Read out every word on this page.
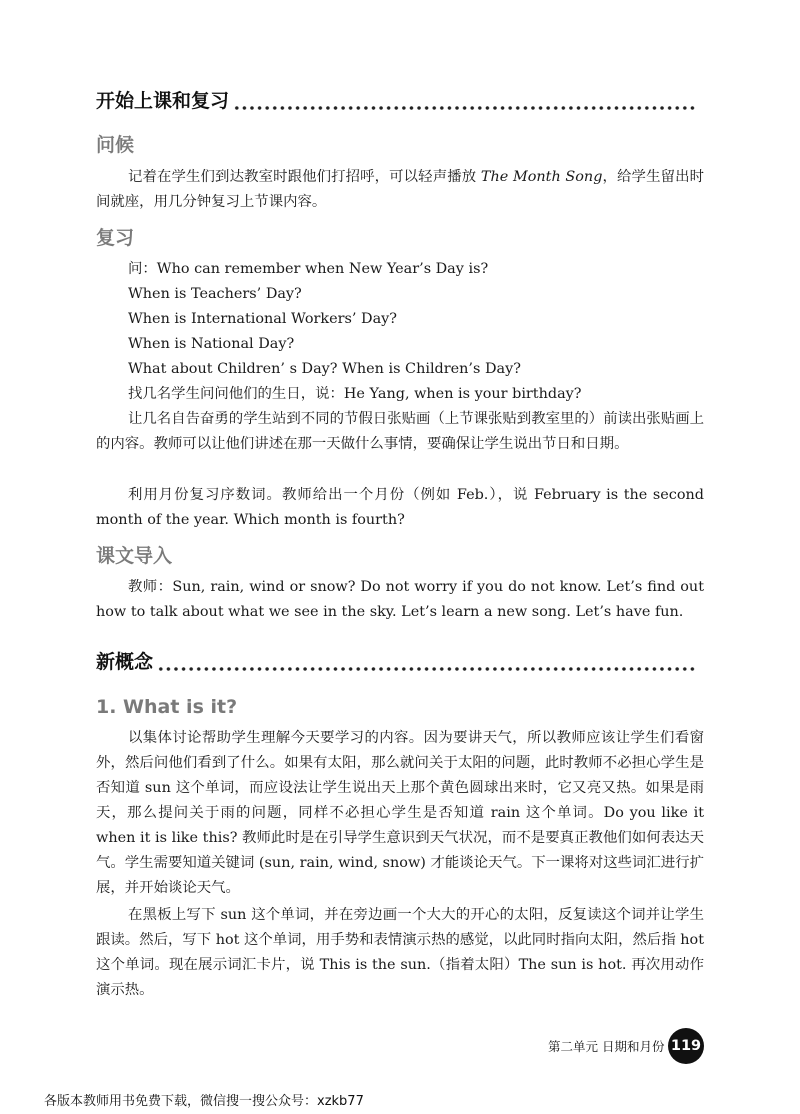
开始上课和复习
问候

记着在学生们到达教室时跟他们打招呼，可以轻声播放 The Month Song，给学生留出时间就座，用几分钟复习上节课内容。

复习
问：Who can remember when New Year’s Day is?
When is Teachers’ Day?
When is International Workers’ Day?
When is National Day?
What about Children’ s Day? When is Children’s Day?
找几名学生问问他们的生日，说：He Yang, when is your birthday?

让几名自告奋勇的学生站到不同的节假日张贴画（上节课张贴到教室里的）前读出张贴画上的内容。教师可以让他们讲述在那一天做什么事情，要确保让学生说出节日和日期。

利用月份复习序数词。教师给出一个月份（例如 Feb.），说 February is the second month of the year. Which month is fourth?

课文导入

教师：Sun, rain, wind or snow? Do not worry if you do not know. Let’s find out how to talk about what we see in the sky. Let’s learn a new song. Let’s have fun.

新概念
1. What is it?

以集体讨论帮助学生理解今天要学习的内容。因为要讲天气，所以教师应该让学生们看窗外，然后问他们看到了什么。如果有太阳，那么就问关于太阳的问题，此时教师不必担心学生是否知道 sun 这个单词，而应设法让学生说出天上那个黄色圆球出来时，它又亮又热。如果是雨天，那么提问关于雨的问题，同样不必担心学生是否知道 rain 这个单词。Do you like it when it is like this? 教师此时是在引导学生意识到天气状况，而不是要真正教他们如何表达天气。学生需要知道关键词 (sun, rain, wind, snow) 才能谈论天气。下一课将对这些词汇进行扩展，并开始谈论天气。

在黑板上写下 sun 这个单词，并在旁边画一个大大的开心的太阳，反复读这个词并让学生跟读。然后，写下 hot 这个单词，用手势和表情演示热的感觉，以此同时指向太阳，然后指 hot 这个单词。现在展示词汇卡片，说 This is the sun.（指着太阳）The sun is hot. 再次用动作演示热。

第二单元 日期和月份 119
各版本教师用书免费下载，微信搜一搜公众号：xzkb77
